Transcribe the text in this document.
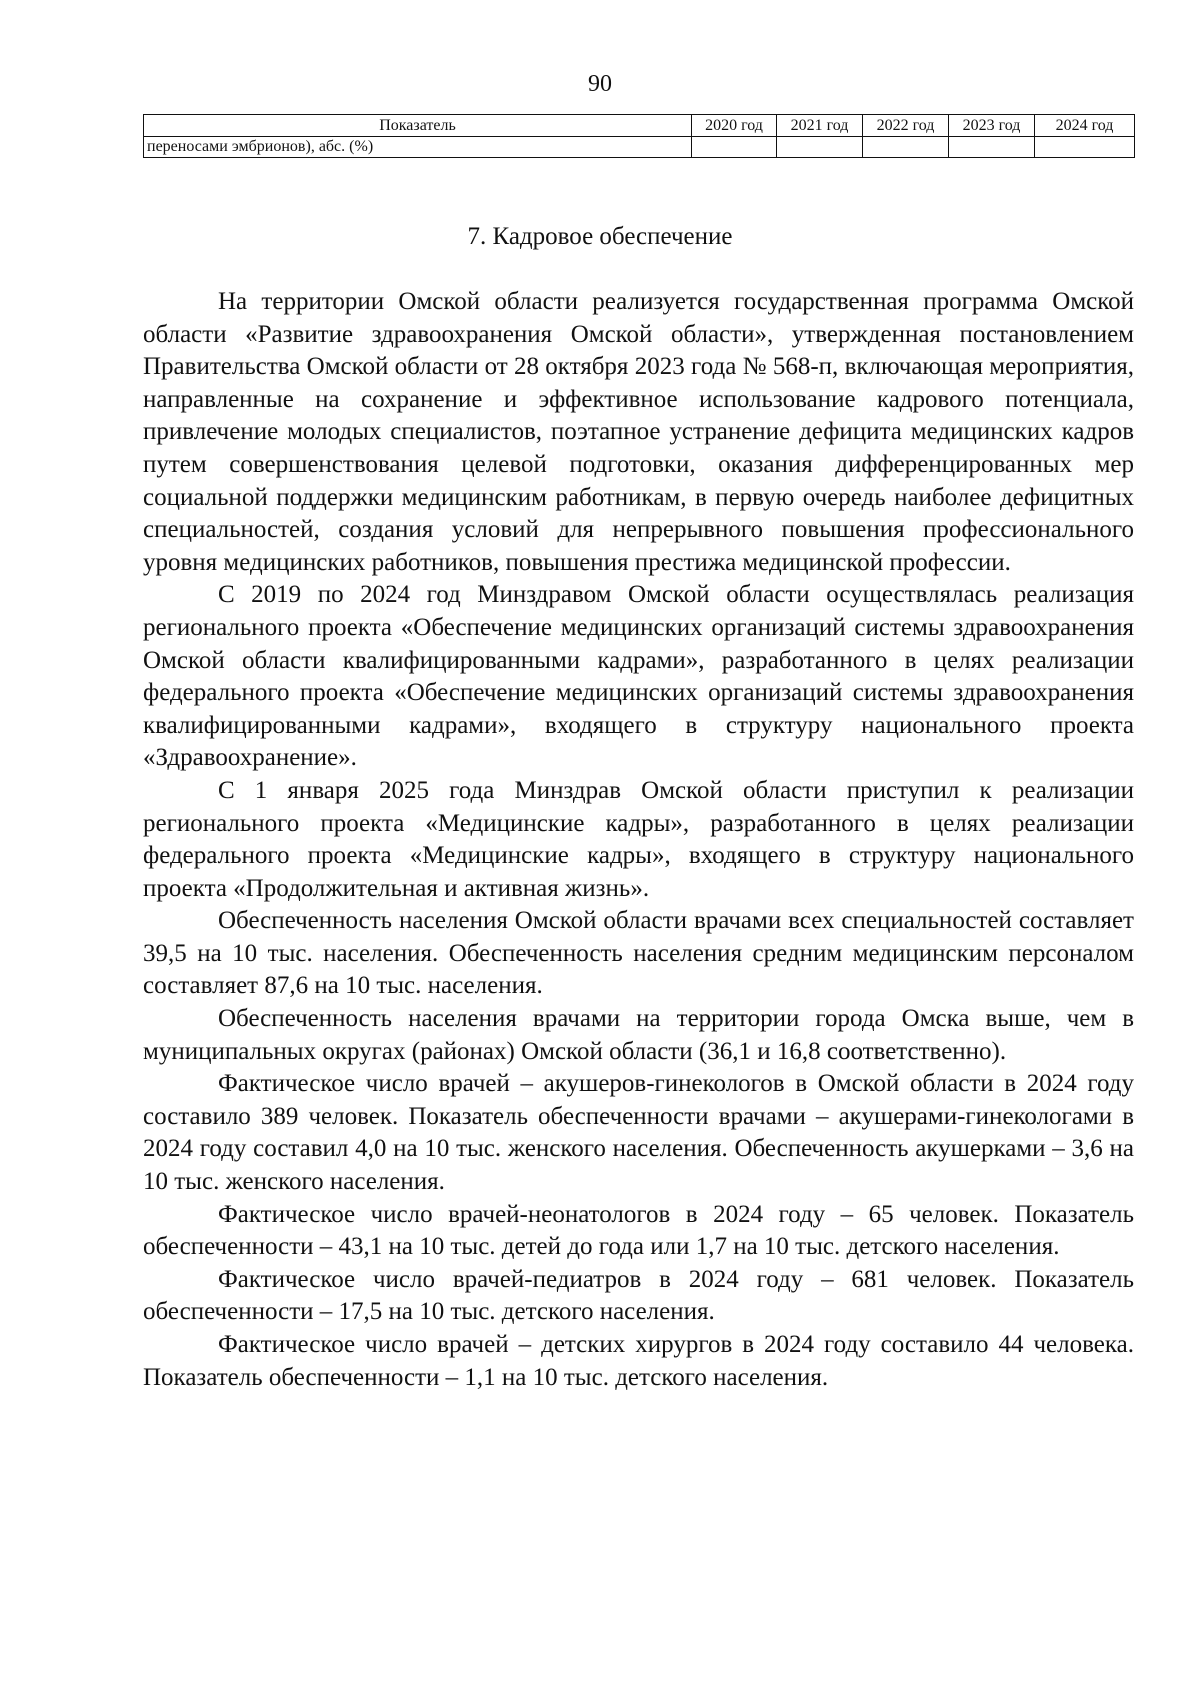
90
Показатель	2020 год	2021 год	2022 год	2023 год	2024 год
переносами эмбрионов), абс. (%)					
7. Кадровое обеспечение

На территории Омской области реализуется государственная программа Омской области «Развитие здравоохранения Омской области», утвержденная постановлением Правительства Омской области от 28 октября 2023 года № 568-п, включающая мероприятия, направленные на сохранение и эффективное использование кадрового потенциала, привлечение молодых специалистов, поэтапное устранение дефицита медицинских кадров путем совершенствования целевой подготовки, оказания дифференцированных мер социальной поддержки медицинским работникам, в первую очередь наиболее дефицитных специальностей, создания условий для непрерывного повышения профессионального уровня медицинских работников, повышения престижа медицинской профессии.

С 2019 по 2024 год Минздравом Омской области осуществлялась реализация регионального проекта «Обеспечение медицинских организаций системы здравоохранения Омской области квалифицированными кадрами», разработанного в целях реализации федерального проекта «Обеспечение медицинских организаций системы здравоохранения квалифицированными кадрами», входящего в структуру национального проекта «Здравоохранение».

С 1 января 2025 года Минздрав Омской области приступил к реализации регионального проекта «Медицинские кадры», разработанного в целях реализации федерального проекта «Медицинские кадры», входящего в структуру национального проекта «Продолжительная и активная жизнь».

Обеспеченность населения Омской области врачами всех специальностей составляет 39,5 на 10 тыс. населения. Обеспеченность населения средним медицинским персоналом составляет 87,6 на 10 тыс. населения.

Обеспеченность населения врачами на территории города Омска выше, чем в муниципальных округах (районах) Омской области (36,1 и 16,8 соответственно).

Фактическое число врачей – акушеров-гинекологов в Омской области в 2024 году составило 389 человек. Показатель обеспеченности врачами – акушерами-гинекологами в 2024 году составил 4,0 на 10 тыс. женского населения. Обеспеченность акушерками – 3,6 на 10 тыс. женского населения.

Фактическое число врачей-неонатологов в 2024 году – 65 человек. Показатель обеспеченности – 43,1 на 10 тыс. детей до года или 1,7 на 10 тыс. детского населения.

Фактическое число врачей-педиатров в 2024 году – 681 человек. Показатель обеспеченности – 17,5 на 10 тыс. детского населения.

Фактическое число врачей – детских хирургов в 2024 году составило 44 человека. Показатель обеспеченности – 1,1 на 10 тыс. детского населения.
